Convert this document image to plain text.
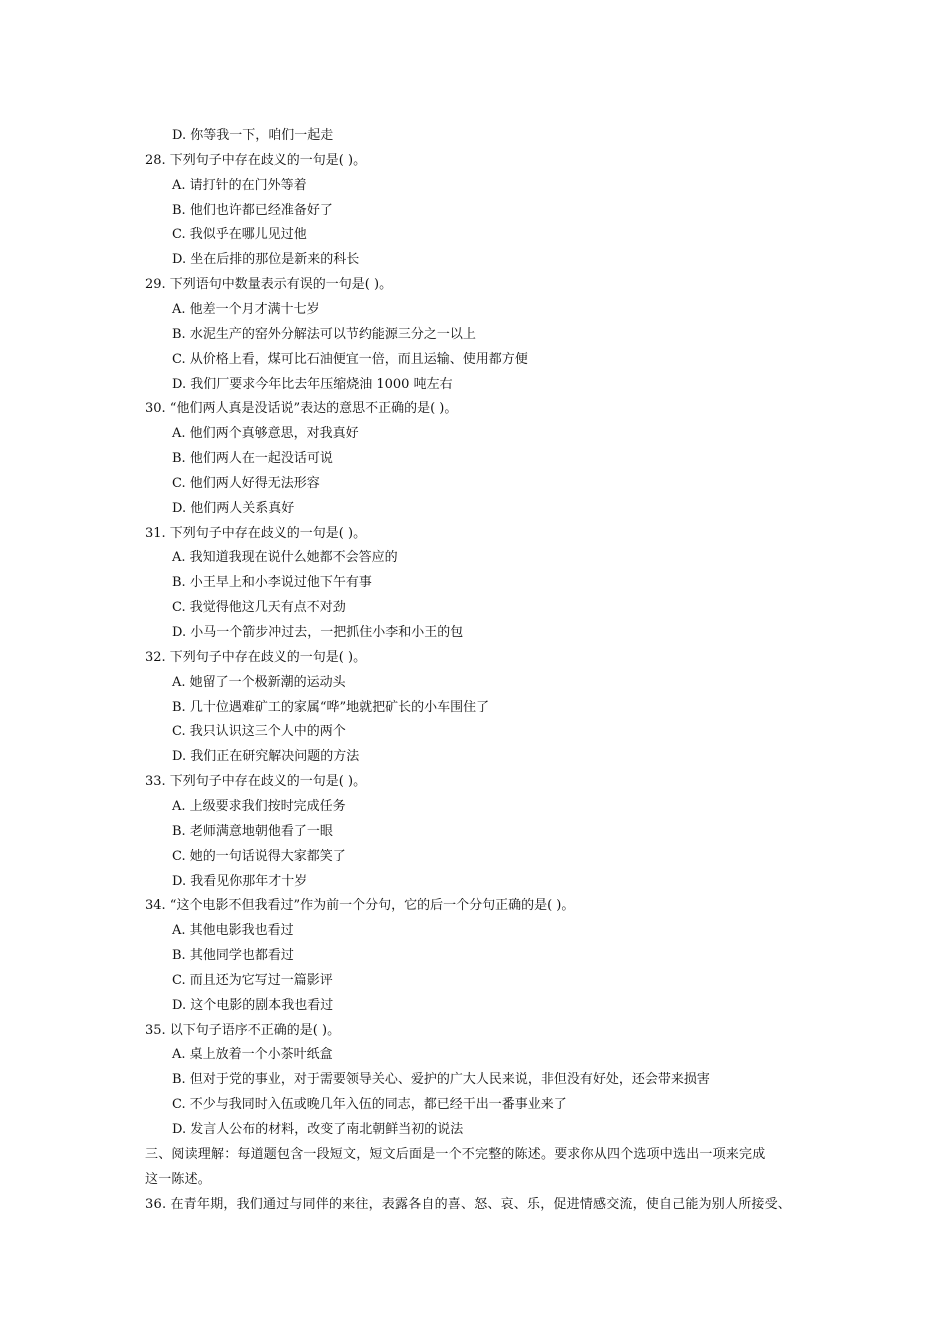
D. 你等我一下，咱们一起走
28. 下列句子中存在歧义的一句是( )。
A. 请打针的在门外等着
B. 他们也许都已经准备好了
C. 我似乎在哪儿见过他
D. 坐在后排的那位是新来的科长
29. 下列语句中数量表示有误的一句是( )。
A. 他差一个月才满十七岁
B. 水泥生产的窑外分解法可以节约能源三分之一以上
C. 从价格上看，煤可比石油便宜一倍，而且运输、使用都方便
D. 我们厂要求今年比去年压缩烧油 1000 吨左右
30. “他们两人真是没话说”表达的意思不正确的是( )。
A. 他们两个真够意思，对我真好
B. 他们两人在一起没话可说
C. 他们两人好得无法形容
D. 他们两人关系真好
31. 下列句子中存在歧义的一句是( )。
A. 我知道我现在说什么她都不会答应的
B. 小王早上和小李说过他下午有事
C. 我觉得他这几天有点不对劲
D. 小马一个箭步冲过去，一把抓住小李和小王的包
32. 下列句子中存在歧义的一句是( )。
A. 她留了一个极新潮的运动头
B. 几十位遇难矿工的家属“哗”地就把矿长的小车围住了
C. 我只认识这三个人中的两个
D. 我们正在研究解决问题的方法
33. 下列句子中存在歧义的一句是( )。
A. 上级要求我们按时完成任务
B. 老师满意地朝他看了一眼
C. 她的一句话说得大家都笑了
D. 我看见你那年才十岁
34. “这个电影不但我看过”作为前一个分句，它的后一个分句正确的是( )。
A. 其他电影我也看过
B. 其他同学也都看过
C. 而且还为它写过一篇影评
D. 这个电影的剧本我也看过
35. 以下句子语序不正确的是( )。
A. 桌上放着一个小茶叶纸盒
B. 但对于党的事业，对于需要领导关心、爱护的广大人民来说，非但没有好处，还会带来损害
C. 不少与我同时入伍或晚几年入伍的同志，都已经干出一番事业来了
D. 发言人公布的材料，改变了南北朝鲜当初的说法
三、阅读理解：每道题包含一段短文，短文后面是一个不完整的陈述。要求你从四个选项中选出一项来完成
这一陈述。
36. 在青年期，我们通过与同伴的来往，表露各自的喜、怒、哀、乐，促进情感交流，使自己能为别人所接受、
